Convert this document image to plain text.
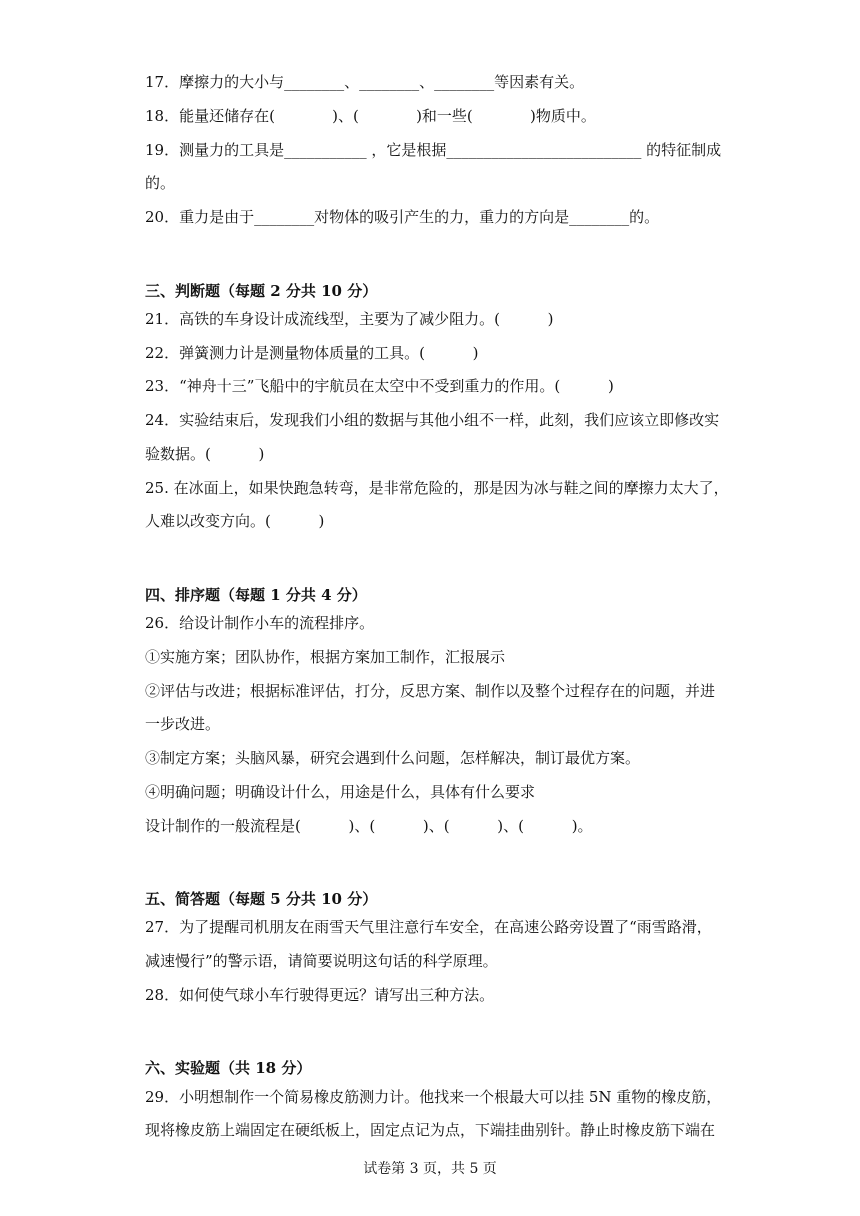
17．摩擦力的大小与________、________、________等因素有关。
18．能量还储存在(            )、(            )和一些(            )物质中。
19．测量力的工具是___________ ，它是根据__________________________ 的特征制成
的。
20．重力是由于________对物体的吸引产生的力，重力的方向是________的。
三、判断题（每题 2 分共 10 分）
21．高铁的车身设计成流线型，主要为了减少阻力。(          )
22．弹簧测力计是测量物体质量的工具。(          )
23．“神舟十三”飞船中的宇航员在太空中不受到重力的作用。(          )
24．实验结束后，发现我们小组的数据与其他小组不一样，此刻，我们应该立即修改实
验数据。(          )
25. 在冰面上，如果快跑急转弯，是非常危险的，那是因为冰与鞋之间的摩擦力太大了，
人难以改变方向。(          )
四、排序题（每题 1 分共 4 分）
26．给设计制作小车的流程排序。
①实施方案；团队协作，根据方案加工制作，汇报展示
②评估与改进；根据标准评估，打分，反思方案、制作以及整个过程存在的问题，并进
一步改进。
③制定方案；头脑风暴，研究会遇到什么问题，怎样解决，制订最优方案。
④明确问题；明确设计什么，用途是什么，具体有什么要求
设计制作的一般流程是(          )、(          )、(          )、(          )。
五、简答题（每题 5 分共 10 分）
27．为了提醒司机朋友在雨雪天气里注意行车安全，在高速公路旁设置了“雨雪路滑，
减速慢行”的警示语，请简要说明这句话的科学原理。
28．如何使气球小车行驶得更远？请写出三种方法。
六、实验题（共 18 分）
29．小明想制作一个简易橡皮筋测力计。他找来一个根最大可以挂 5N 重物的橡皮筋，
现将橡皮筋上端固定在硬纸板上，固定点记为点，下端挂曲别针。静止时橡皮筋下端在
试卷第 3 页，共 5 页
